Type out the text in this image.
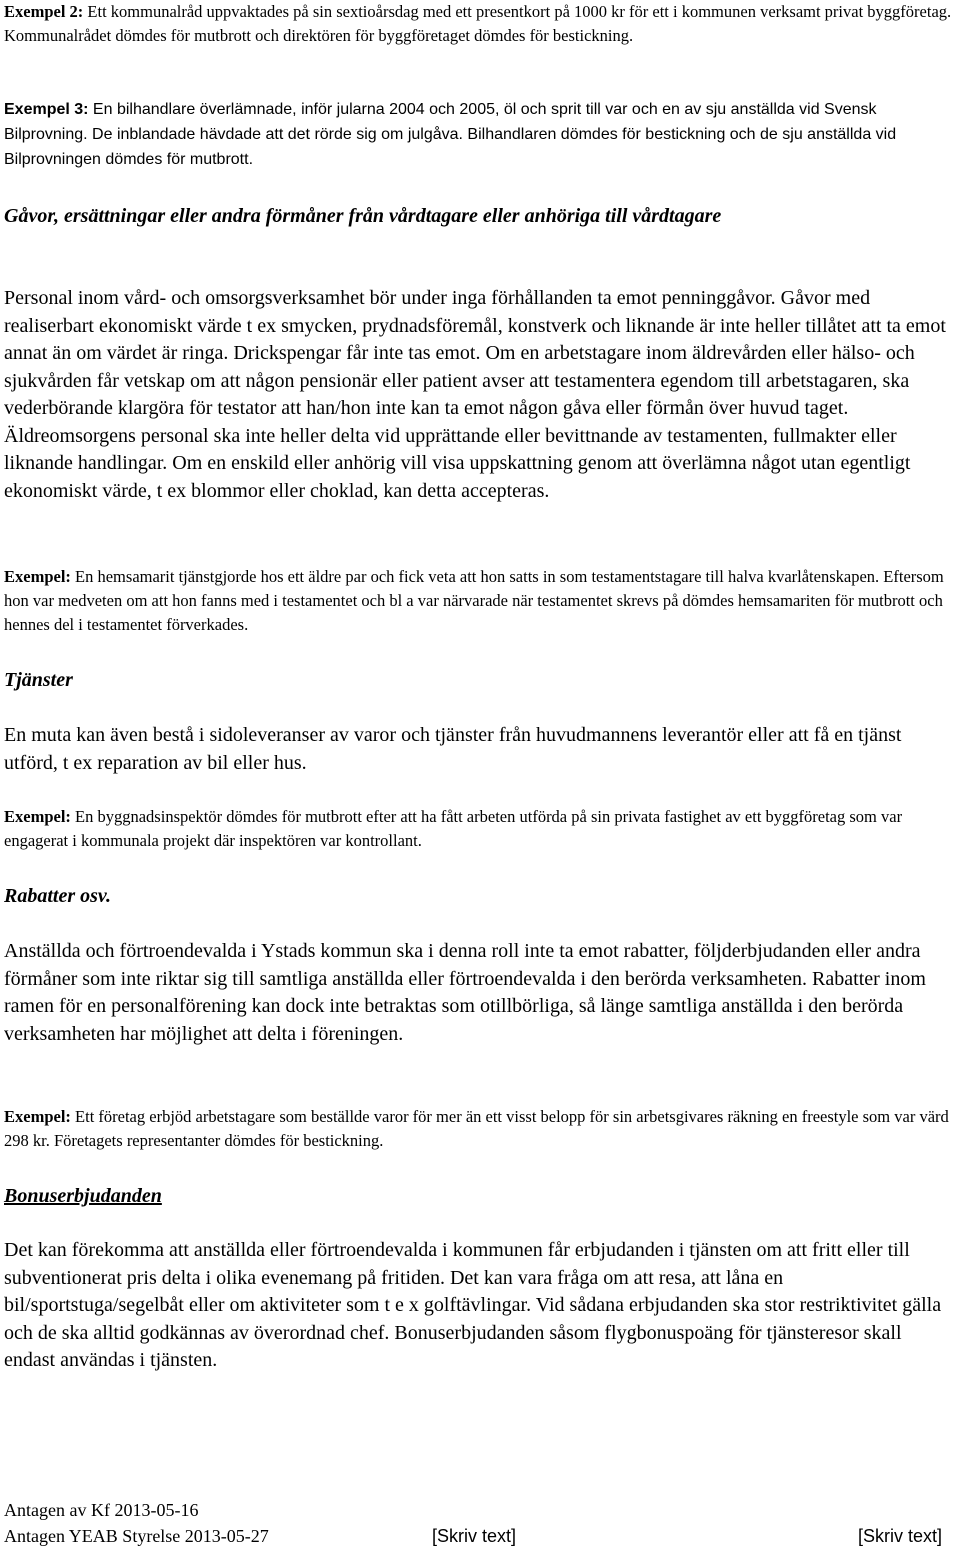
Exempel 2: Ett kommunalråd uppvaktades på sin sextioårsdag med ett presentkort på 1000 kr för ett i kommunen verksamt privat byggföretag. Kommunalrådet dömdes för mutbrott och direktören för byggföretaget dömdes för bestickning.

Exempel 3: En bilhandlare överlämnade, inför jularna 2004 och 2005, öl och sprit till var och en av sju anställda vid Svensk Bilprovning. De inblandade hävdade att det rörde sig om julgåva. Bilhandlaren dömdes för bestickning och de sju anställda vid Bilprovningen dömdes för mutbrott.

Gåvor, ersättningar eller andra förmåner från vårdtagare eller anhöriga till vårdtagare

Personal inom vård- och omsorgsverksamhet bör under inga förhållanden ta emot penninggåvor. Gåvor med realiserbart ekonomiskt värde t ex smycken, prydnadsföremål, konstverk och liknande är inte heller tillåtet att ta emot annat än om värdet är ringa. Drickspengar får inte tas emot. Om en arbetstagare inom äldrevården eller hälso- och sjukvården får vetskap om att någon pensionär eller patient avser att testamentera egendom till arbetstagaren, ska vederbörande klargöra för testator att han/hon inte kan ta emot någon gåva eller förmån över huvud taget. Äldreomsorgens personal ska inte heller delta vid upprättande eller bevittnande av testamenten, fullmakter eller liknande handlingar. Om en enskild eller anhörig vill visa uppskattning genom att överlämna något utan egentligt ekonomiskt värde, t ex blommor eller choklad, kan detta accepteras.

Exempel: En hemsamarit tjänstgjorde hos ett äldre par och fick veta att hon satts in som testamentstagare till halva kvarlåtenskapen. Eftersom hon var medveten om att hon fanns med i testamentet och bl a var närvarade när testamentet skrevs på dömdes hemsamariten för mutbrott och hennes del i testamentet förverkades.

Tjänster

En muta kan även bestå i sidoleveranser av varor och tjänster från huvudmannens leverantör eller att få en tjänst utförd, t ex reparation av bil eller hus.

Exempel: En byggnadsinspektör dömdes för mutbrott efter att ha fått arbeten utförda på sin privata fastighet av ett byggföretag som var engagerat i kommunala projekt där inspektören var kontrollant.

Rabatter osv.

Anställda och förtroendevalda i Ystads kommun ska i denna roll inte ta emot rabatter, följderbjudanden eller andra förmåner som inte riktar sig till samtliga anställda eller förtroendevalda i den berörda verksamheten. Rabatter inom ramen för en personalförening kan dock inte betraktas som otillbörliga, så länge samtliga anställda i den berörda verksamheten har möjlighet att delta i föreningen.

Exempel: Ett företag erbjöd arbetstagare som beställde varor för mer än ett visst belopp för sin arbetsgivares räkning en freestyle som var värd 298 kr. Företagets representanter dömdes för bestickning.

Bonuserbjudanden

Det kan förekomma att anställda eller förtroendevalda i kommunen får erbjudanden i tjänsten om att fritt eller till subventionerat pris delta i olika evenemang på fritiden. Det kan vara fråga om att resa, att låna en bil/sportstuga/segelbåt eller om aktiviteter som t e x golftävlingar. Vid sådana erbjudanden ska stor restriktivitet gälla och de ska alltid godkännas av överordnad chef. Bonuserbjudanden såsom flygbonuspoäng för tjänsteresor skall endast användas i tjänsten.

Antagen av Kf 2013-05-16
Antagen YEAB Styrelse 2013-05-27	[Skriv text]	[Skriv text]
